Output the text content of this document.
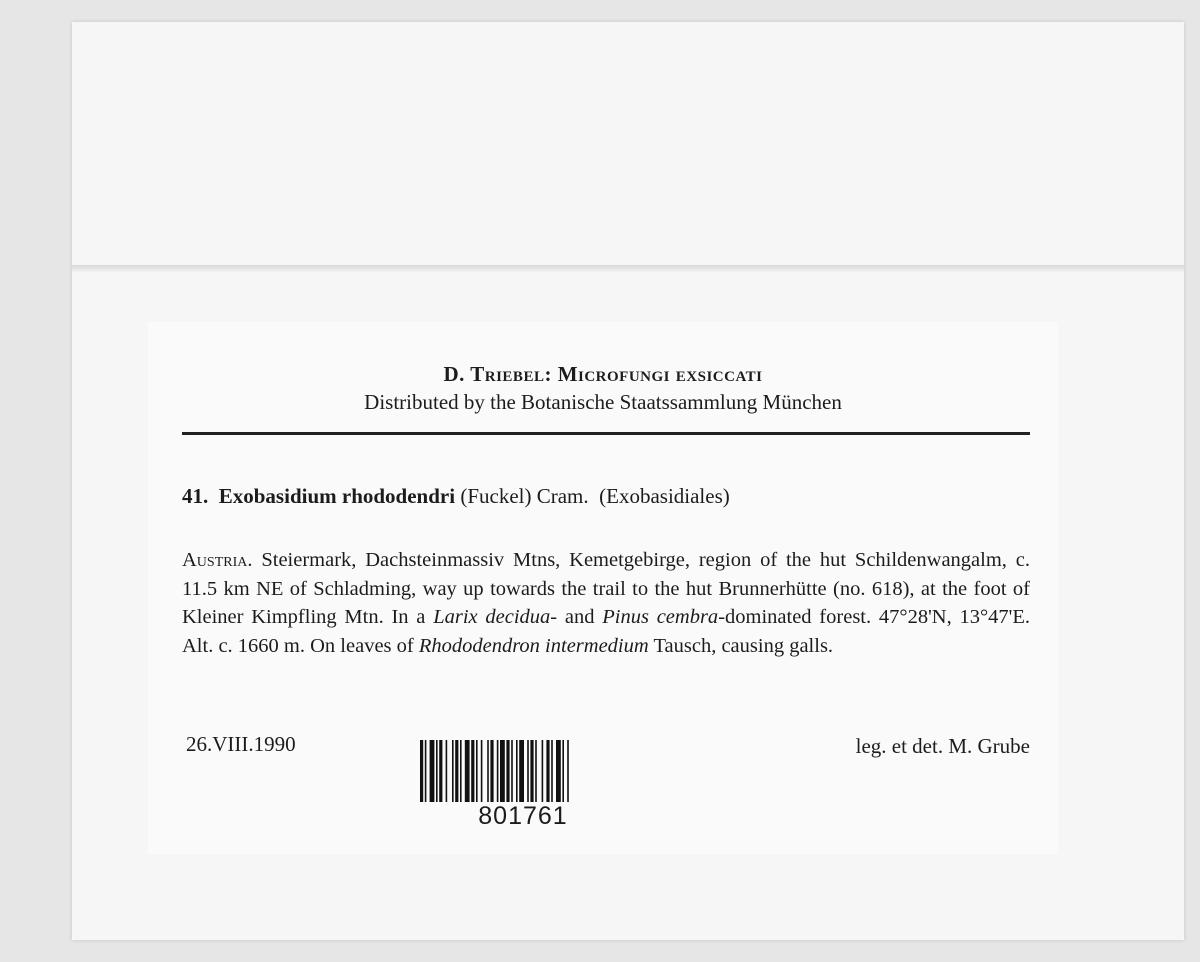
D. Triebel: Microfungi exsiccati
Distributed by the Botanische Staatssammlung München
41. Exobasidium rhododendri (Fuckel) Cram. (Exobasidiales)
Austria. Steiermark, Dachsteinmassiv Mtns, Kemetgebirge, region of the hut Schildenwangalm, c. 11.5 km NE of Schladming, way up towards the trail to the hut Brunnerhütte (no. 618), at the foot of Kleiner Kimpfling Mtn. In a Larix decidua- and Pinus cembra-dominated forest. 47°28'N, 13°47'E. Alt. c. 1660 m. On leaves of Rhododendron intermedium Tausch, causing galls.
26.VIII.1990	leg. et det. M. Grube
801761
